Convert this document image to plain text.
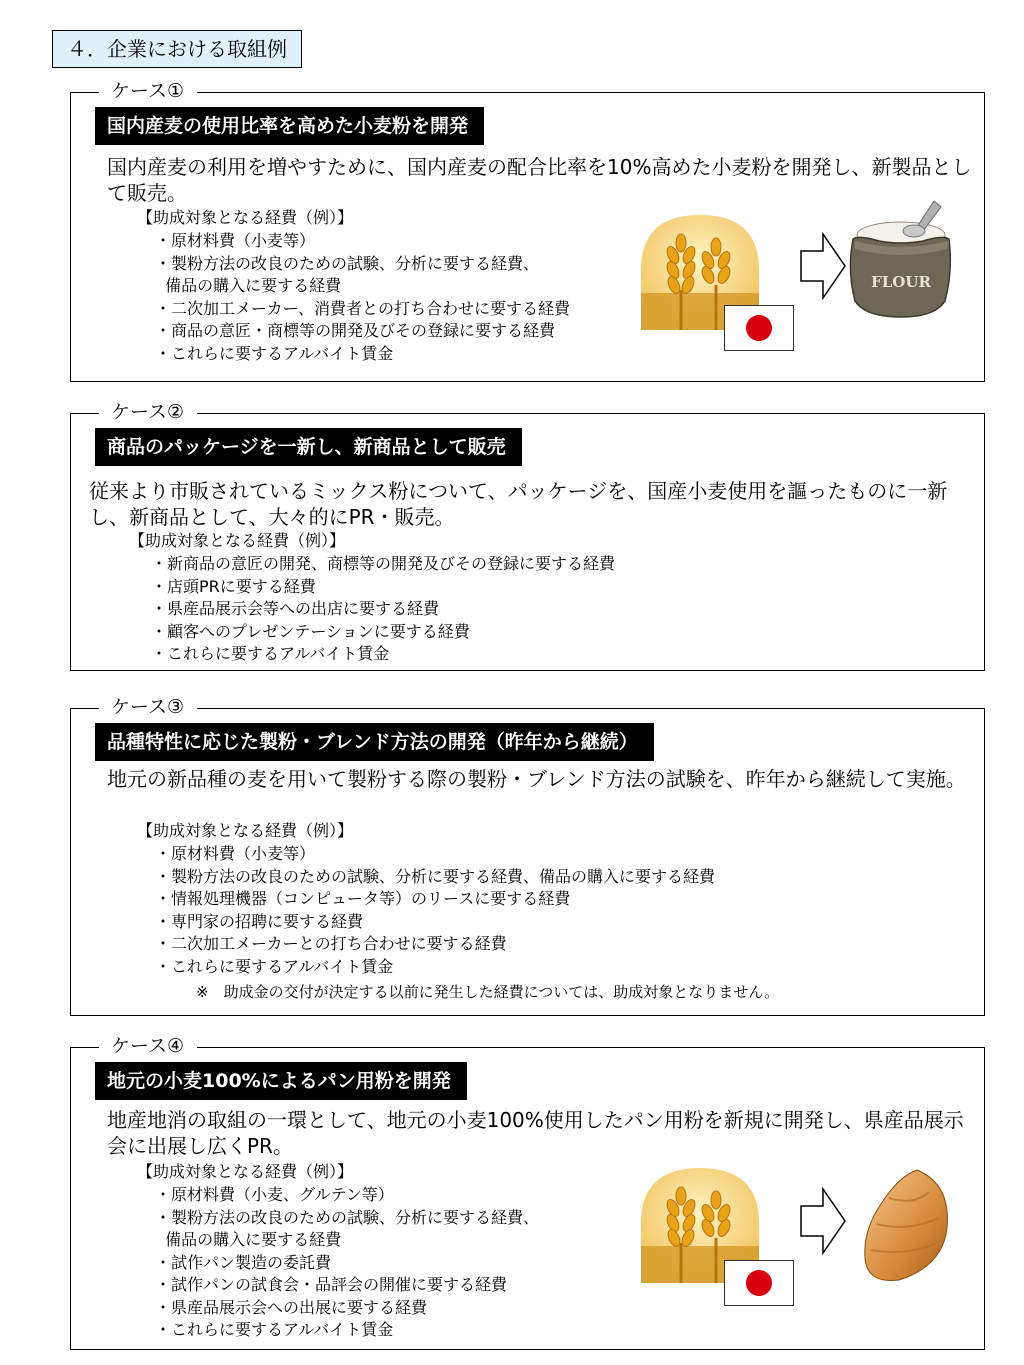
４．企業における取組例
ケース①
国内産麦の使用比率を高めた小麦粉を開発
国内産麦の利用を増やすために、国内産麦の配合比率を10%高めた小麦粉を開発し、新製品として販売。
【助成対象となる経費（例）】
・原材料費（小麦等）
・製粉方法の改良のための試験、分析に要する経費、
備品の購入に要する経費
・二次加工メーカー、消費者との打ち合わせに要する経費
・商品の意匠・商標等の開発及びその登録に要する経費
・これらに要するアルバイト賃金
FLOUR
ケース②
商品のパッケージを一新し、新商品として販売
従来より市販されているミックス粉について、パッケージを、国産小麦使用を謳ったものに一新し、新商品として、大々的にPR・販売。
【助成対象となる経費（例）】
・新商品の意匠の開発、商標等の開発及びその登録に要する経費
・店頭PRに要する経費
・県産品展示会等への出店に要する経費
・顧客へのプレゼンテーションに要する経費
・これらに要するアルバイト賃金
ケース③
品種特性に応じた製粉・ブレンド方法の開発（昨年から継続）
地元の新品種の麦を用いて製粉する際の製粉・ブレンド方法の試験を、昨年から継続して実施。
【助成対象となる経費（例）】
・原材料費（小麦等）
・製粉方法の改良のための試験、分析に要する経費、備品の購入に要する経費
・情報処理機器（コンピュータ等）のリースに要する経費
・専門家の招聘に要する経費
・二次加工メーカーとの打ち合わせに要する経費
・これらに要するアルバイト賃金
※　助成金の交付が決定する以前に発生した経費については、助成対象となりません。
ケース④
地元の小麦100%によるパン用粉を開発
地産地消の取組の一環として、地元の小麦100%使用したパン用粉を新規に開発し、県産品展示会に出展し広くPR。
【助成対象となる経費（例）】
・原材料費（小麦、グルテン等）
・製粉方法の改良のための試験、分析に要する経費、
備品の購入に要する経費
・試作パン製造の委託費
・試作パンの試食会・品評会の開催に要する経費
・県産品展示会への出展に要する経費
・これらに要するアルバイト賃金
